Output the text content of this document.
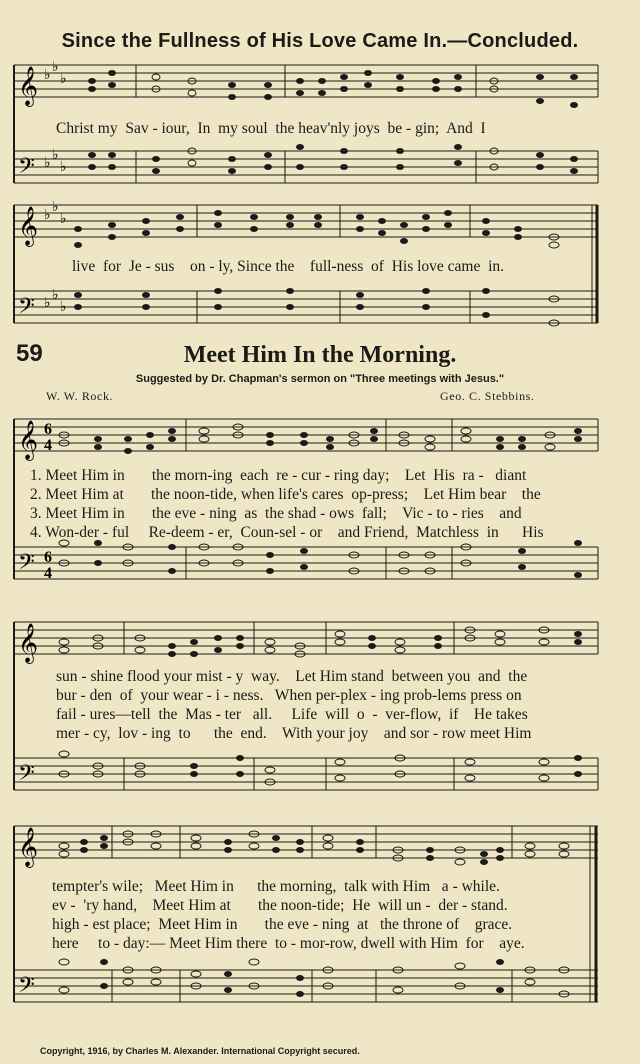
Since the Fullness of His Love Came In.—Concluded.
𝄞
𝄢
♭ ♭
♭
♭ ♭
♭
Christ my  Sav - iour,  In  my soul  the heav'nly joys  be - gin;  And  I
𝄞
𝄢
♭ ♭
♭
♭ ♭
♭
live  for  Je - sus    on - ly, Since the    full-ness  of  His love came  in.
59	Meet Him In the Morning.
Suggested by Dr. Chapman's sermon on "Three meetings with Jesus."
W. W. Rock.	Geo. C. Stebbins.
𝄞
𝄢
6
4
6
4
1. Meet Him in       the morn-ing  each  re - cur - ring day;    Let  His  ra -   diant
2. Meet Him at       the noon-tide, when life's cares  op-press;    Let Him bear    the
3. Meet Him in       the eve - ning  as  the shad - ows  fall;    Vic - to - ries    and
4. Won-der - ful     Re-deem - er,  Coun-sel - or    and Friend,  Matchless  in      His
𝄞
𝄢
sun - shine flood your mist - y  way.    Let Him stand  between you  and  the
bur - den  of  your wear - i - ness.   When per-plex - ing prob-lems press on
fail - ures—tell  the  Mas - ter   all.     Life  will  o  -  ver-flow,  if    He takes
mer - cy,  lov - ing  to      the  end.    With your joy    and sor - row meet Him
𝄞
𝄢
tempter's wile;   Meet Him in      the morning,  talk with Him   a - while.
ev -  'ry hand,    Meet Him at       the noon-tide;  He  will un -  der - stand.
high - est place;  Meet Him in       the eve - ning  at   the throne of    grace.
here     to - day:— Meet Him there  to - mor-row, dwell with Him  for    aye.
Copyright, 1916, by Charles M. Alexander. International Copyright secured.
